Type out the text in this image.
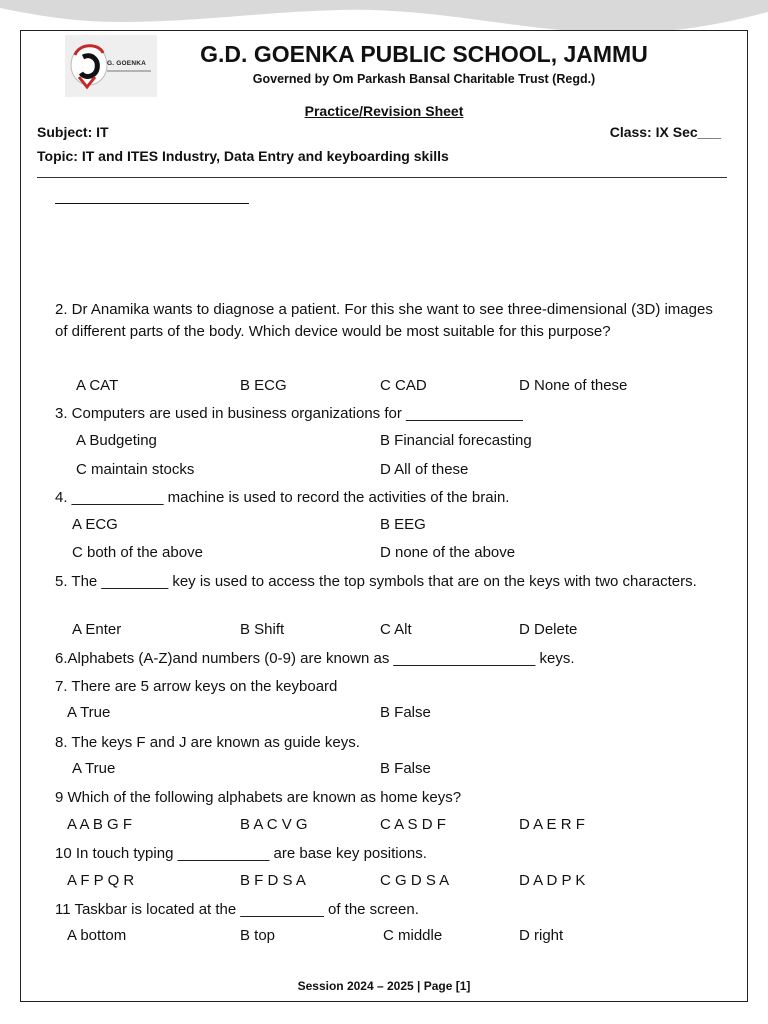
G. GOENKA	G.D. GOENKA PUBLIC SCHOOL, JAMMU
Governed by Om Parkash Bansal Charitable Trust (Regd.)
Practice/Revision Sheet
Subject: IT	Class: IX Sec___
Topic: IT and ITES Industry, Data Entry and keyboarding skills
2. Dr Anamika wants to diagnose a patient. For this she want to see three-dimensional (3D) images of different parts of the body. Which device would be most suitable for this purpose?
A CAT	B ECG	C CAD	D None of these
3. Computers are used in business organizations for ______________
A Budgeting	B Financial forecasting
C maintain stocks	D All of these
4. ___________ machine is used to record the activities of the brain.
A ECG	B EEG
C both of the above	D none of the above
5. The ________ key is used to access the top symbols that are on the keys with two characters.
A Enter	B Shift	C Alt	D Delete
6.Alphabets (A-Z)and numbers (0-9) are known as _________________ keys.
7. There are 5 arrow keys on the keyboard
A True	B False
8. The keys F and J are known as guide keys.
A True	B False
9 Which of the following alphabets are known as home keys?
A A B G F	B A C V G	C A S D F	D A E R F
10 In touch typing ___________ are base key positions.
A F P Q R	B F D S A	C G D S A	D A D P K
11 Taskbar is located at the __________ of the screen.
A bottom	B top	C middle	D right
Session 2024 – 2025 | Page [1]
